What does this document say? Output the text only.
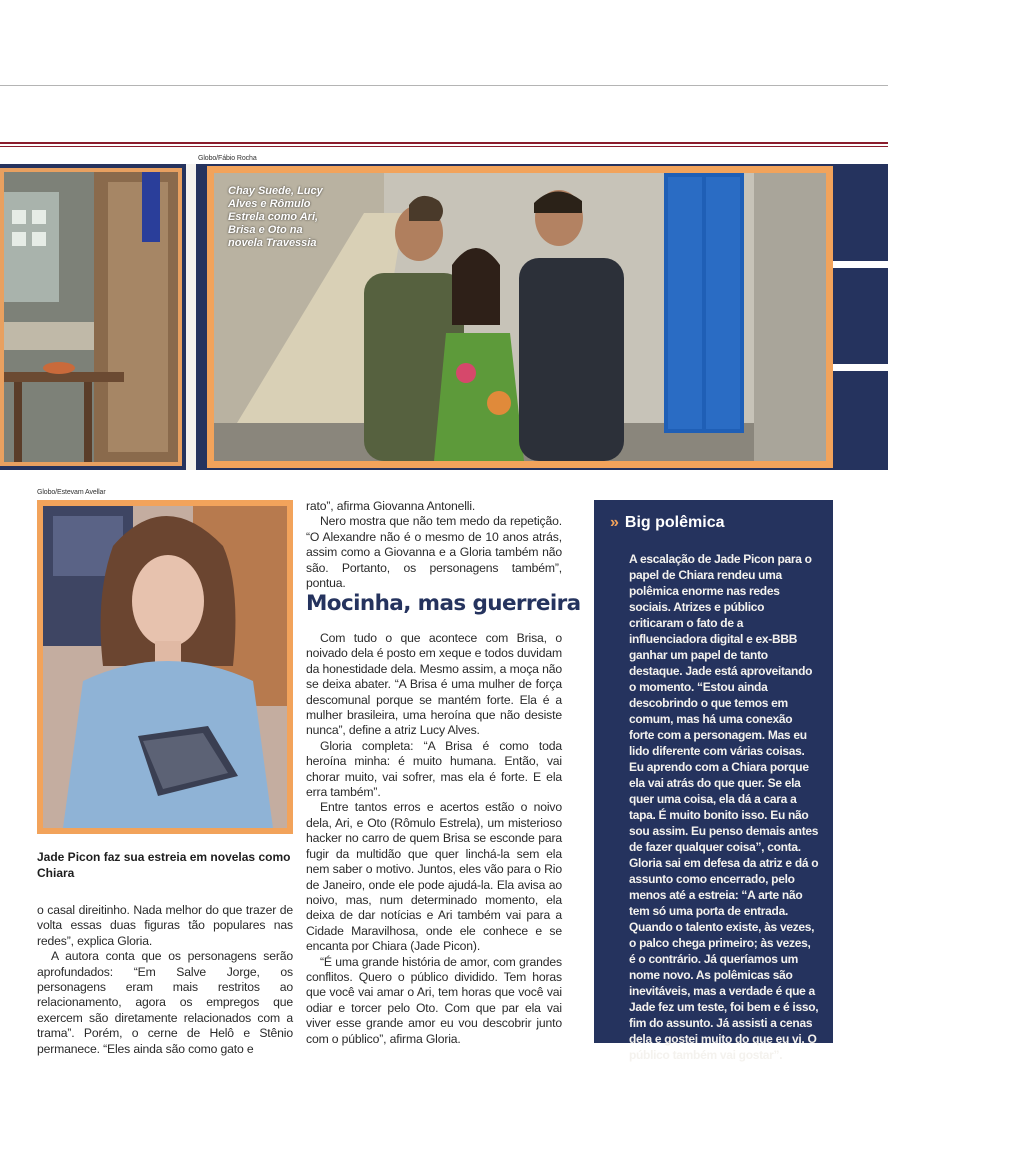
Globo/Fábio Rocha
Chay Suede, Lucy Alves e Rômulo Estrela como Ari, Brisa e Oto na novela Travessia
Globo/Estevam Avellar
Jade Picon faz sua estreia em novelas como Chiara

o casal direitinho. Nada melhor do que trazer de volta essas duas figuras tão populares nas redes”, explica Gloria.

A autora conta que os personagens serão aprofundados: “Em Salve Jorge, os personagens eram mais restritos ao relacionamento, agora os empregos que exercem são diretamente relacionados com a trama”. Porém, o cerne de Helô e Stênio permanece. “Eles ainda são como gato e

rato”, afirma Giovanna Antonelli.

Nero mostra que não tem medo da repetição. “O Alexandre não é o mesmo de 10 anos atrás, assim como a Giovanna e a Gloria também não são. Portanto, os personagens também”, pontua.

Mocinha, mas guerreira

Com tudo o que acontece com Brisa, o noivado dela é posto em xeque e todos duvidam da honestidade dela. Mesmo assim, a moça não se deixa abater. “A Brisa é uma mulher de força descomunal porque se mantém forte. Ela é a mulher brasileira, uma heroína que não desiste nunca”, define a atriz Lucy Alves.

Gloria completa: “A Brisa é como toda heroína minha: é muito humana. Então, vai chorar muito, vai sofrer, mas ela é forte. E ela erra também”.

Entre tantos erros e acertos estão o noivo dela, Ari, e Oto (Rômulo Estrela), um misterioso hacker no carro de quem Brisa se esconde para fugir da multidão que quer linchá-la sem ela nem saber o motivo. Juntos, eles vão para o Rio de Janeiro, onde ele pode ajudá-la. Ela avisa ao noivo, mas, num determinado momento, ela deixa de dar notícias e Ari também vai para a Cidade Maravilhosa, onde ele conhece e se encanta por Chiara (Jade Picon).

“É uma grande história de amor, com grandes conflitos. Quero o público dividido. Tem horas que você vai amar o Ari, tem horas que você vai odiar e torcer pelo Oto. Com que par ela vai viver esse grande amor eu vou descobrir junto com o público”, afirma Gloria.

» Big polêmica
A escalação de Jade Picon para o papel de Chiara rendeu uma polêmica enorme nas redes sociais. Atrizes e público criticaram o fato de a influenciadora digital e ex-BBB ganhar um papel de tanto destaque. Jade está aproveitando o momento. “Estou ainda descobrindo o que temos em comum, mas há uma conexão forte com a personagem. Mas eu lido diferente com várias coisas. Eu aprendo com a Chiara porque ela vai atrás do que quer. Se ela quer uma coisa, ela dá a cara a tapa. É muito bonito isso. Eu não sou assim. Eu penso demais antes de fazer qualquer coisa”, conta. Gloria sai em defesa da atriz e dá o assunto como encerrado, pelo menos até a estreia: “A arte não tem só uma porta de entrada. Quando o talento existe, às vezes, o palco chega primeiro; às vezes, é o contrário. Já queríamos um nome novo. As polêmicas são inevitáveis, mas a verdade é que a Jade fez um teste, foi bem e é isso, fim do assunto. Já assisti a cenas dela e gostei muito do que eu vi. O público também vai gostar”.
